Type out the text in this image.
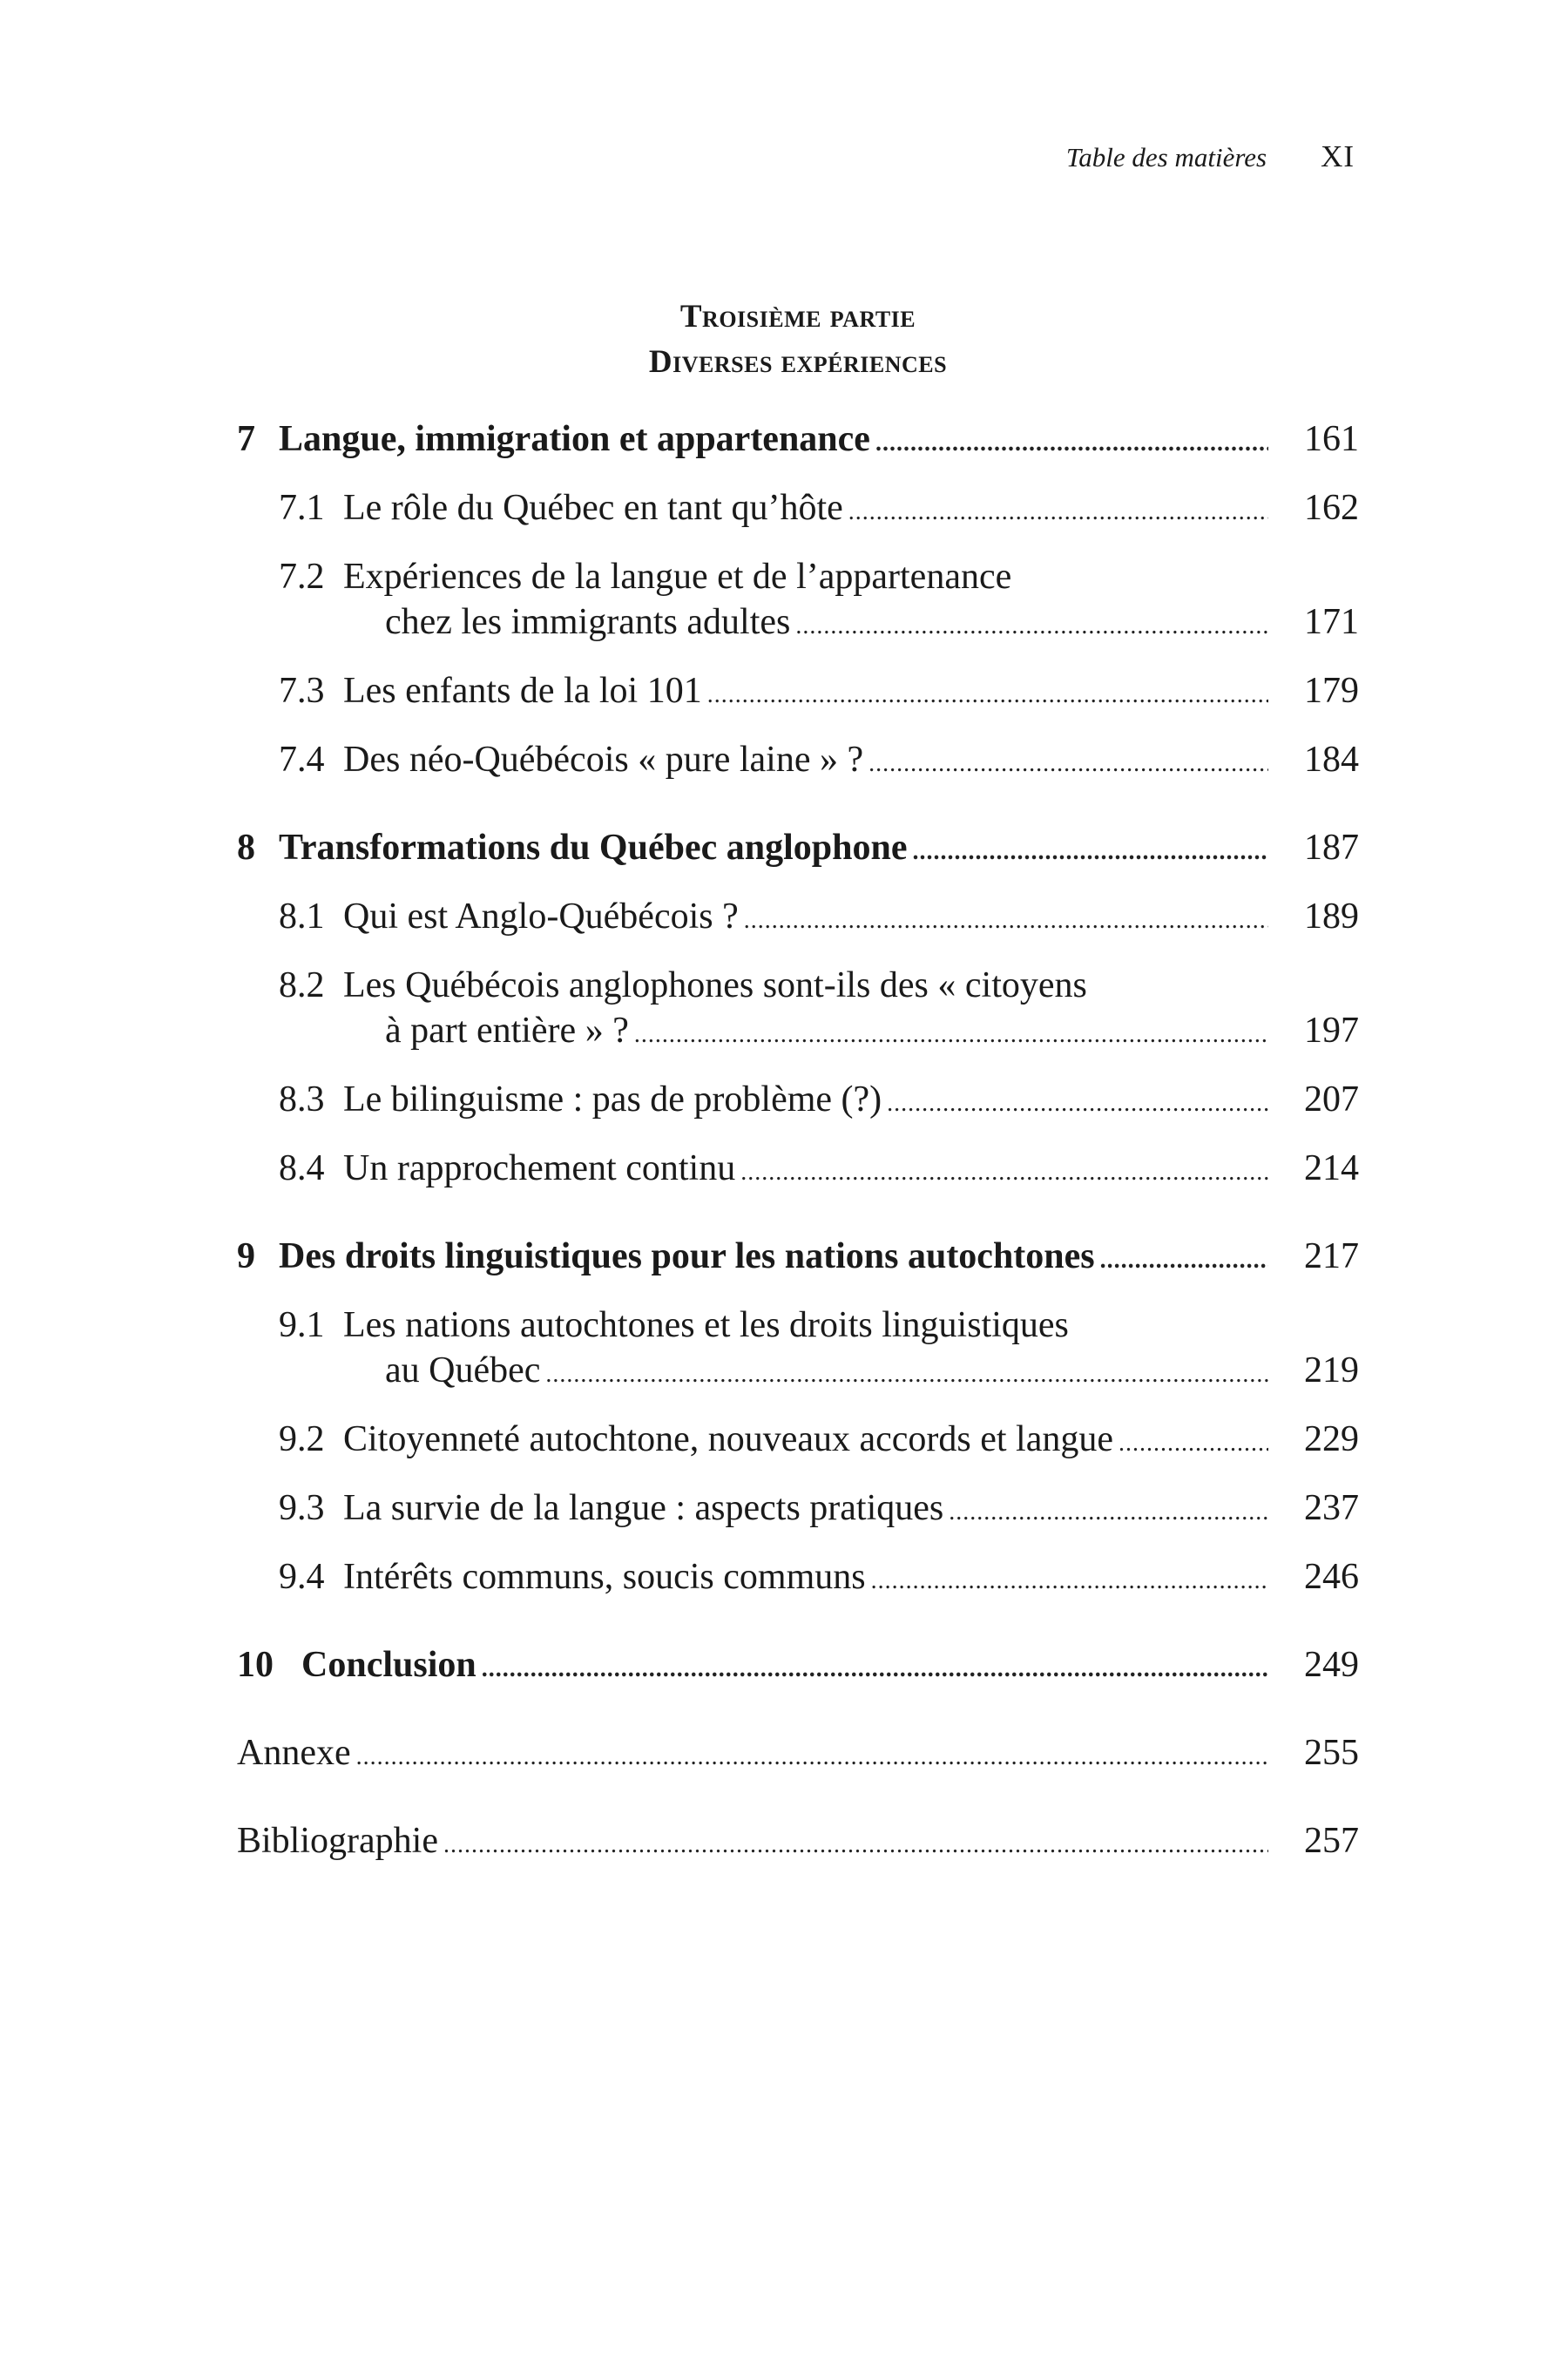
Table des matières XI
Troisième partie
Diverses expériences
7 Langue, immigration et appartenance . . .	161
7.1 Le rôle du Québec en tant qu’hôte . . .	162
7.2 Expériences de la langue et de l’appartenance
chez les immigrants adultes . . .	171
7.3 Les enfants de la loi 101 . . .	179
7.4 Des néo-Québécois « pure laine » ? . . .	184
8 Transformations du Québec anglophone . . .	187
8.1 Qui est Anglo-Québécois ? . . .	189
8.2 Les Québécois anglophones sont-ils des « citoyens
à part entière » ? . . .	197
8.3 Le bilinguisme : pas de problème (?) . . .	207
8.4 Un rapprochement continu . . .	214
9 Des droits linguistiques pour les nations autochtones . . .	217
9.1 Les nations autochtones et les droits linguistiques
au Québec . . .	219
9.2 Citoyenneté autochtone, nouveaux accords et langue . . .	229
9.3 La survie de la langue : aspects pratiques . . .	237
9.4 Intérêts communs, soucis communs . . .	246
10 Conclusion . . .	249
Annexe . . .	255
Bibliographie . . .	257
